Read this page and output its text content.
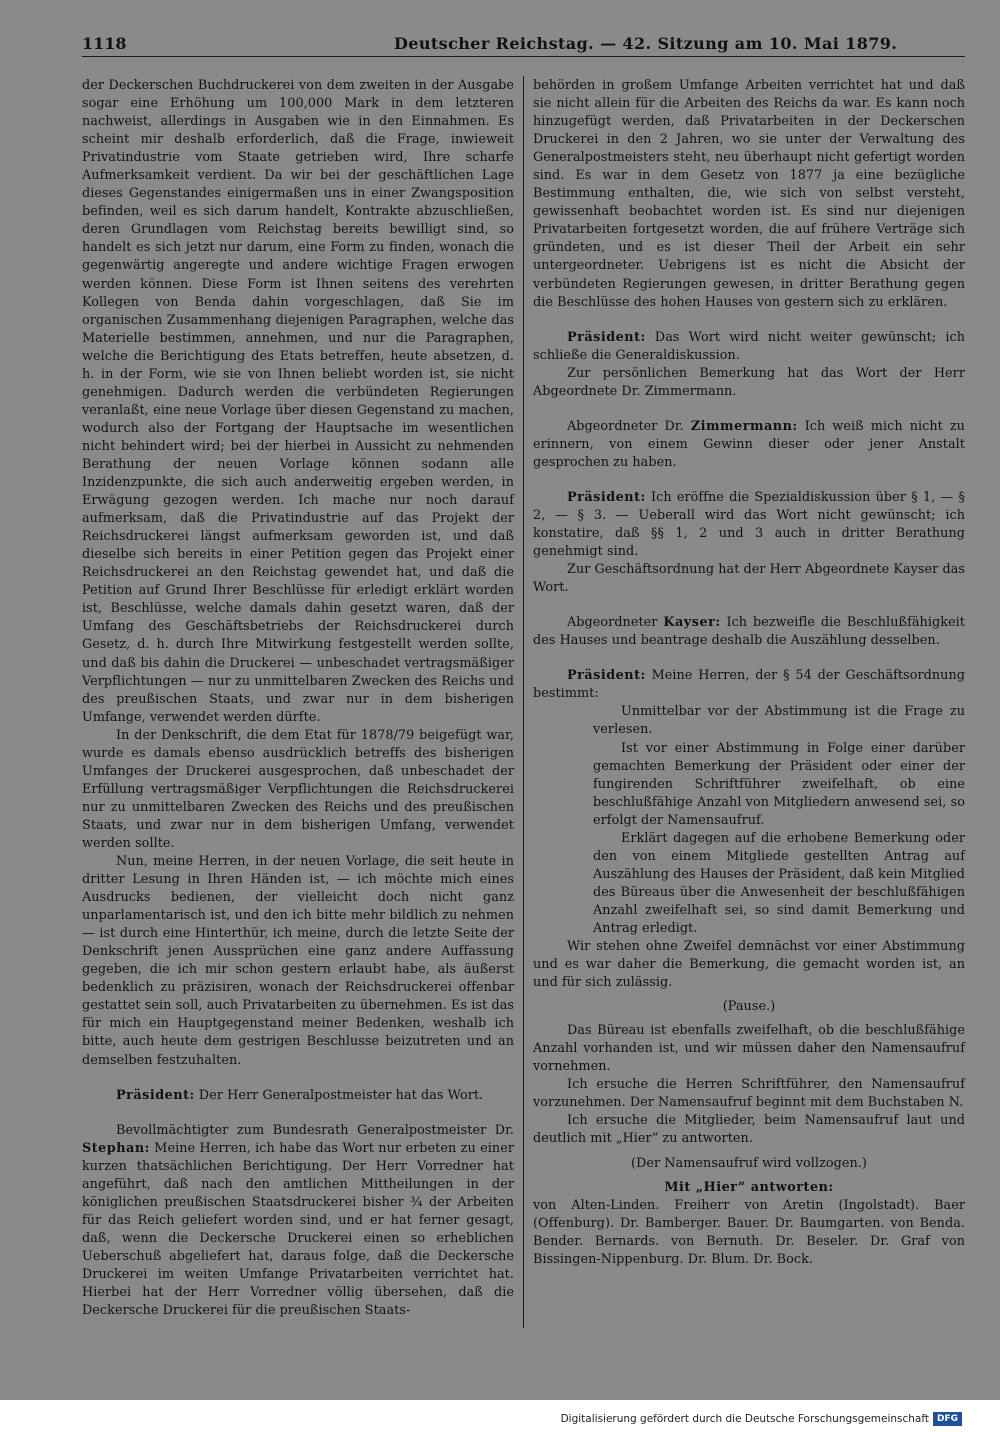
1118	Deutscher Reichstag. — 42. Sitzung am 10. Mai 1879.

der Deckerschen Buchdruckerei von dem zweiten in der Ausgabe sogar eine Erhöhung um 100,000 Mark in dem letzteren nachweist, allerdings in Ausgaben wie in den Einnahmen. Es scheint mir deshalb erforderlich, daß die Frage, inwieweit Privatindustrie vom Staate getrieben wird, Ihre scharfe Aufmerksamkeit verdient. Da wir bei der geschäftlichen Lage dieses Gegenstandes einigermaßen uns in einer Zwangsposition befinden, weil es sich darum handelt, Kontrakte abzuschließen, deren Grundlagen vom Reichstag bereits bewilligt sind, so handelt es sich jetzt nur darum, eine Form zu finden, wonach die gegenwärtig angeregte und andere wichtige Fragen erwogen werden können. Diese Form ist Ihnen seitens des verehrten Kollegen von Benda dahin vorgeschlagen, daß Sie im organischen Zusammenhang diejenigen Paragraphen, welche das Materielle bestimmen, annehmen, und nur die Paragraphen, welche die Berichtigung des Etats betreffen, heute absetzen, d. h. in der Form, wie sie von Ihnen beliebt worden ist, sie nicht genehmigen. Dadurch werden die verbündeten Regierungen veranlaßt, eine neue Vorlage über diesen Gegenstand zu machen, wodurch also der Fortgang der Hauptsache im wesentlichen nicht behindert wird; bei der hierbei in Aussicht zu nehmenden Berathung der neuen Vorlage können sodann alle Inzidenzpunkte, die sich auch anderweitig ergeben werden, in Erwägung gezogen werden. Ich mache nur noch darauf aufmerksam, daß die Privatindustrie auf das Projekt der Reichsdruckerei längst aufmerksam geworden ist, und daß dieselbe sich bereits in einer Petition gegen das Projekt einer Reichsdruckerei an den Reichstag gewendet hat, und daß die Petition auf Grund Ihrer Beschlüsse für erledigt erklärt worden ist, Beschlüsse, welche damals dahin gesetzt waren, daß der Umfang des Geschäftsbetriebs der Reichsdruckerei durch Gesetz, d. h. durch Ihre Mitwirkung festgestellt werden sollte, und daß bis dahin die Druckerei — unbeschadet vertragsmäßiger Verpflichtungen — nur zu unmittelbaren Zwecken des Reichs und des preußischen Staats, und zwar nur in dem bisherigen Umfange, verwendet werden dürfte.

In der Denkschrift, die dem Etat für 1878/79 beigefügt war, wurde es damals ebenso ausdrücklich betreffs des bisherigen Umfanges der Druckerei ausgesprochen, daß unbeschadet der Erfüllung vertragsmäßiger Verpflichtungen die Reichsdruckerei nur zu unmittelbaren Zwecken des Reichs und des preußischen Staats, und zwar nur in dem bisherigen Umfang, verwendet werden sollte.

Nun, meine Herren, in der neuen Vorlage, die seit heute in dritter Lesung in Ihren Händen ist, — ich möchte mich eines Ausdrucks bedienen, der vielleicht doch nicht ganz unparlamentarisch ist, und den ich bitte mehr bildlich zu nehmen — ist durch eine Hinterthür, ich meine, durch die letzte Seite der Denkschrift jenen Aussprüchen eine ganz andere Auffassung gegeben, die ich mir schon gestern erlaubt habe, als äußerst bedenklich zu präzisiren, wonach der Reichsdruckerei offenbar gestattet sein soll, auch Privatarbeiten zu übernehmen. Es ist das für mich ein Hauptgegenstand meiner Bedenken, weshalb ich bitte, auch heute dem gestrigen Beschlusse beizutreten und an demselben festzuhalten.

Präsident: Der Herr Generalpostmeister hat das Wort.

Bevollmächtigter zum Bundesrath Generalpostmeister Dr. Stephan: Meine Herren, ich habe das Wort nur erbeten zu einer kurzen thatsächlichen Berichtigung. Der Herr Vorredner hat angeführt, daß nach den amtlichen Mittheilungen in der königlichen preußischen Staatsdruckerei bisher ¾ der Arbeiten für das Reich geliefert worden sind, und er hat ferner gesagt, daß, wenn die Deckersche Druckerei einen so erheblichen Ueberschuß abgeliefert hat, daraus folge, daß die Deckersche Druckerei im weiten Umfange Privatarbeiten verrichtet hat. Hierbei hat der Herr Vorredner völlig übersehen, daß die Deckersche Druckerei für die preußischen Staats-

behörden in großem Umfange Arbeiten verrichtet hat und daß sie nicht allein für die Arbeiten des Reichs da war. Es kann noch hinzugefügt werden, daß Privatarbeiten in der Deckerschen Druckerei in den 2 Jahren, wo sie unter der Verwaltung des Generalpostmeisters steht, neu überhaupt nicht gefertigt worden sind. Es war in dem Gesetz von 1877 ja eine bezügliche Bestimmung enthalten, die, wie sich von selbst versteht, gewissenhaft beobachtet worden ist. Es sind nur diejenigen Privatarbeiten fortgesetzt worden, die auf frühere Verträge sich gründeten, und es ist dieser Theil der Arbeit ein sehr untergeordneter. Uebrigens ist es nicht die Absicht der verbündeten Regierungen gewesen, in dritter Berathung gegen die Beschlüsse des hohen Hauses von gestern sich zu erklären.

Präsident: Das Wort wird nicht weiter gewünscht; ich schließe die Generaldiskussion.

Zur persönlichen Bemerkung hat das Wort der Herr Abgeordnete Dr. Zimmermann.

Abgeordneter Dr. Zimmermann: Ich weiß mich nicht zu erinnern, von einem Gewinn dieser oder jener Anstalt gesprochen zu haben.

Präsident: Ich eröffne die Spezialdiskussion über § 1, — § 2, — § 3. — Ueberall wird das Wort nicht gewünscht; ich konstatire, daß §§ 1, 2 und 3 auch in dritter Berathung genehmigt sind.

Zur Geschäftsordnung hat der Herr Abgeordnete Kayser das Wort.

Abgeordneter Kayser: Ich bezweifle die Beschlußfähigkeit des Hauses und beantrage deshalb die Auszählung desselben.

Präsident: Meine Herren, der § 54 der Geschäftsordnung bestimmt:

Unmittelbar vor der Abstimmung ist die Frage zu verlesen.

Ist vor einer Abstimmung in Folge einer darüber gemachten Bemerkung der Präsident oder einer der fungirenden Schriftführer zweifelhaft, ob eine beschlußfähige Anzahl von Mitgliedern anwesend sei, so erfolgt der Namensaufruf.

Erklärt dagegen auf die erhobene Bemerkung oder den von einem Mitgliede gestellten Antrag auf Auszählung des Hauses der Präsident, daß kein Mitglied des Büreaus über die Anwesenheit der beschlußfähigen Anzahl zweifelhaft sei, so sind damit Bemerkung und Antrag erledigt.

Wir stehen ohne Zweifel demnächst vor einer Abstimmung und es war daher die Bemerkung, die gemacht worden ist, an und für sich zulässig.

(Pause.)

Das Büreau ist ebenfalls zweifelhaft, ob die beschlußfähige Anzahl vorhanden ist, und wir müssen daher den Namensaufruf vornehmen.

Ich ersuche die Herren Schriftführer, den Namensaufruf vorzunehmen. Der Namensaufruf beginnt mit dem Buchstaben N.

Ich ersuche die Mitglieder, beim Namensaufruf laut und deutlich mit „Hier“ zu antworten.

(Der Namensaufruf wird vollzogen.)

Mit „Hier“ antworten:

von Alten-Linden. Freiherr von Aretin (Ingolstadt). Baer (Offenburg). Dr. Bamberger. Bauer. Dr. Baumgarten. von Benda. Bender. Bernards. von Bernuth. Dr. Beseler. Dr. Graf von Bissingen-Nippenburg. Dr. Blum. Dr. Bock.

Digitalisierung gefördert durch die Deutsche Forschungsgemeinschaft DFG
